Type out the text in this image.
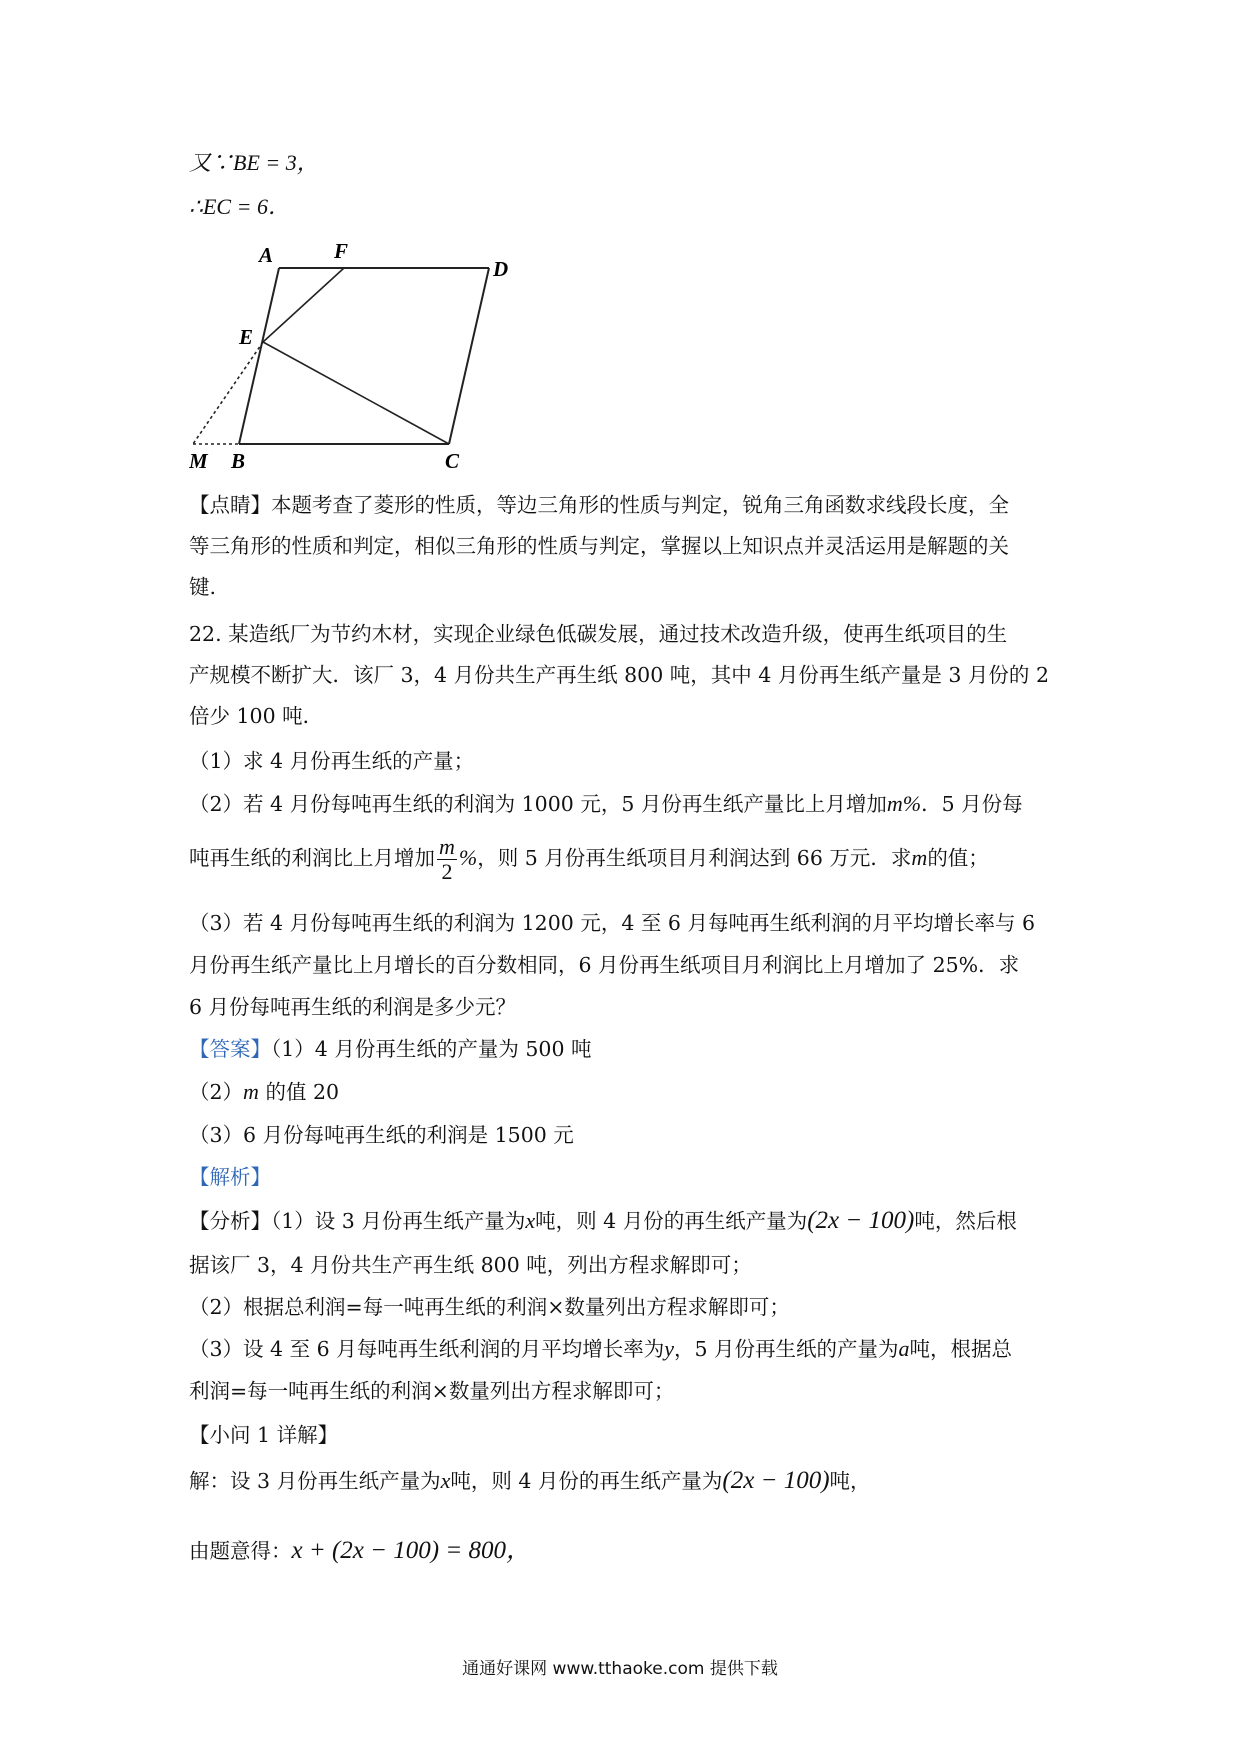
又∵BE = 3，
∴EC = 6．
A	F
D
E
M B	C
【点睛】本题考查了菱形的性质，等边三角形的性质与判定，锐角三角函数求线段长度，全
等三角形的性质和判定，相似三角形的性质与判定，掌握以上知识点并灵活运用是解题的关
键.
22. 某造纸厂为节约木材，实现企业绿色低碳发展，通过技术改造升级，使再生纸项目的生
产规模不断扩大．该厂 3，4 月份共生产再生纸 800 吨，其中 4 月份再生纸产量是 3 月份的 2
倍少 100 吨．
（1）求 4 月份再生纸的产量；
（2）若 4 月份每吨再生纸的利润为 1000 元，5 月份再生纸产量比上月增加m%．5 月份每
吨再生纸的利润比上月增加 $\frac{m}{2}$ %，则 5 月份再生纸项目月利润达到 66 万元．求m的值；
（3）若 4 月份每吨再生纸的利润为 1200 元，4 至 6 月每吨再生纸利润的月平均增长率与 6
月份再生纸产量比上月增长的百分数相同，6 月份再生纸项目月利润比上月增加了 25%．求
6 月份每吨再生纸的利润是多少元？
【答案】（1）4 月份再生纸的产量为 500 吨
（2）m 的值 20
（3）6 月份每吨再生纸的利润是 1500 元
【解析】
【分析】（1）设 3 月份再生纸产量为x吨，则 4 月份的再生纸产量为(2x − 100)吨，然后根
据该厂 3，4 月份共生产再生纸 800 吨，列出方程求解即可；
（2）根据总利润=每一吨再生纸的利润×数量列出方程求解即可；
（3）设 4 至 6 月每吨再生纸利润的月平均增长率为y，5 月份再生纸的产量为a吨，根据总
利润=每一吨再生纸的利润×数量列出方程求解即可；
【小问 1 详解】
解：设 3 月份再生纸产量为x吨，则 4 月份的再生纸产量为(2x − 100)吨，
由题意得：x + (2x − 100) = 800，
通通好课网 www.tthaoke.com 提供下载
